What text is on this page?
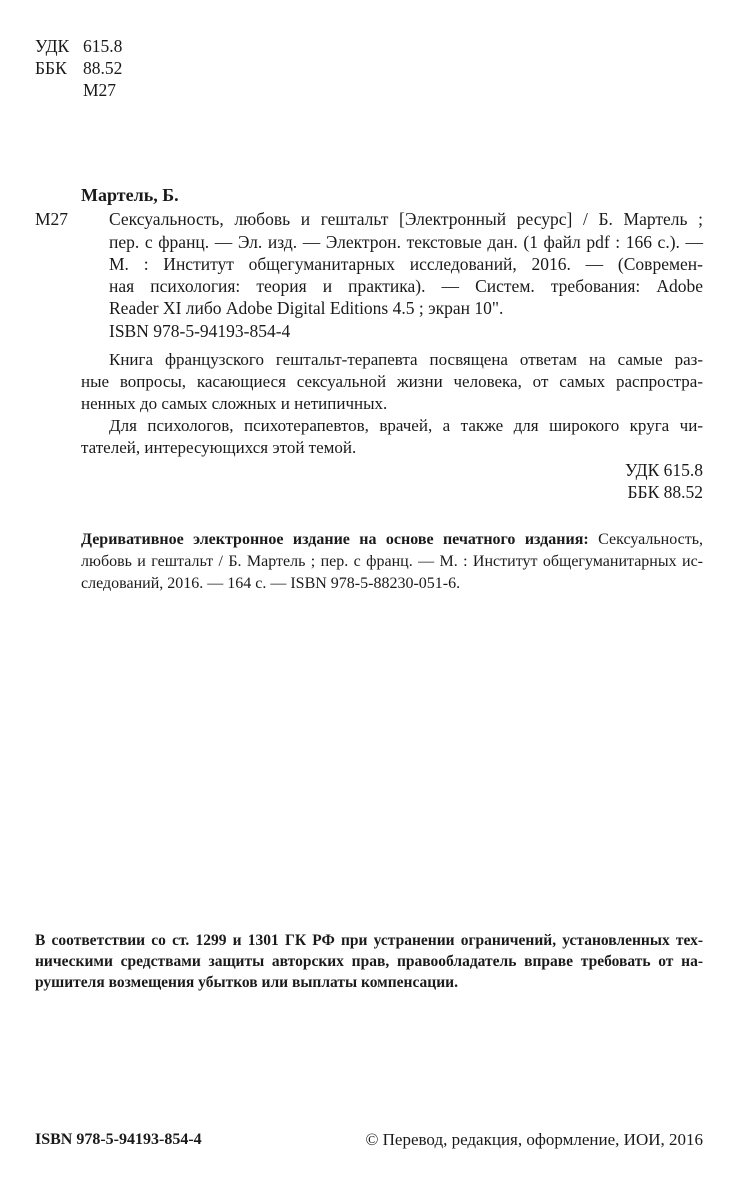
УДК 615.8
ББК 88.52
М27
Мартель, Б.
М27 Сексуальность, любовь и гештальт [Электронный ресурс] / Б. Мартель ;
пер. с франц. — Эл. изд. — Электрон. текстовые дан. (1 файл pdf : 166 с.). —
М. : Институт общегуманитарных исследований, 2016. — (Современ-
ная психология: теория и практика). — Систем. требования: Adobe
Reader XI либо Adobe Digital Editions 4.5 ; экран 10".
ISBN 978-5-94193-854-4
Книга французского гештальт-терапевта посвящена ответам на самые раз-
ные вопросы, касающиеся сексуальной жизни человека, от самых распростра-
ненных до самых сложных и нетипичных.
Для психологов, психотерапевтов, врачей, а также для широкого круга чи-
тателей, интересующихся этой темой.
УДК 615.8
ББК 88.52
Деривативное электронное издание на основе печатного издания: Сексуальность,
любовь и гештальт / Б. Мартель ; пер. с франц. — М. : Институт общегуманитарных ис-
следований, 2016. — 164 с. — ISBN 978-5-88230-051-6.
В соответствии со ст. 1299 и 1301 ГК РФ при устранении ограничений, установленных тех-
ническими средствами защиты авторских прав, правообладатель вправе требовать от на-
рушителя возмещения убытков или выплаты компенсации.
ISBN 978-5-94193-854-4	© Перевод, редакция, оформление, ИОИ, 2016
